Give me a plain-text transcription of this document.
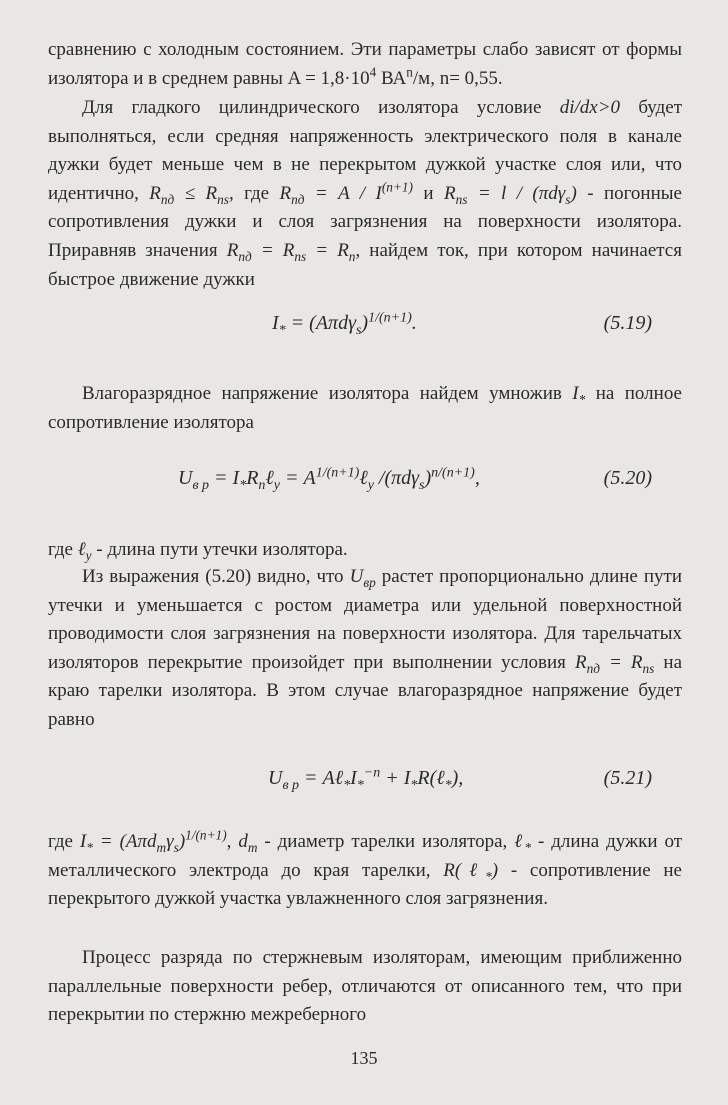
сравнению с холодным состоянием. Эти параметры слабо зависят от формы изолятора и в среднем равны $A = 1,8\cdot 10^4$ $ВА^n/м$, n= 0,55.

Для гладкого цилиндрического изолятора условие di/dx>0 будет выполняться, если средняя напряженность электрического поля в канале дужки будет меньше чем в не перекрытом дужкой участке слоя или, что идентично, $R_{пд} \le R_{ns}$, где $R_{пд} = A / I^{(n+1)}$ и $R_{ns} = l / (\pi d\gamma_s)$ - погонные сопротивления дужки и слоя загрязнения на поверхности изолятора. Приравняв значения $R_{пд} = R_{ns} = R_п$, найдем ток, при котором начинается быстрое движение дужки

$I_* = (A\pi d\gamma_s)^{1/(n+1)}$.	(5.19)

Влагоразрядное напряжение изолятора найдем умножив $I_*$ на полное сопротивление изолятора

$U_{в р}$ = $I_*R_п\ell_у$ = $A^{1/(n+1)}\ell_у$ $/(\pi d\gamma_s)^{n/(n+1)}$,	(5.20)

где ℓ$_у$ - длина пути утечки изолятора.

Из выражения (5.20) видно, что $U_{вр}$ растет пропорционально длине пути утечки и уменьшается с ростом диаметра или удельной поверхностной проводимости слоя загрязнения на поверхности изолятора. Для тарельчатых изоляторов перекрытие произойдет при выполнении условия $R_{пд} = R_{ns}$ на краю тарелки изолятора. В этом случае влагоразрядное напряжение будет равно

$U_{в р}$ = $A\ell_*I_*^{-n}$ + $I_*R(\ell_*)$,	(5.21)

где $I_* = (A\pi d_m\gamma_s)^{1/(n+1)}$, $d_m$ - диаметр тарелки изолятора, ℓ$_*$ - длина дужки от металлического электрода до края тарелки, R(ℓ$_*$) - сопротивление не перекрытого дужкой участка увлажненного слоя загрязнения.

Процесс разряда по стержневым изоляторам, имеющим приближенно параллельные поверхности ребер, отличаются от описанного тем, что при перекрытии по стержню межреберного

135
